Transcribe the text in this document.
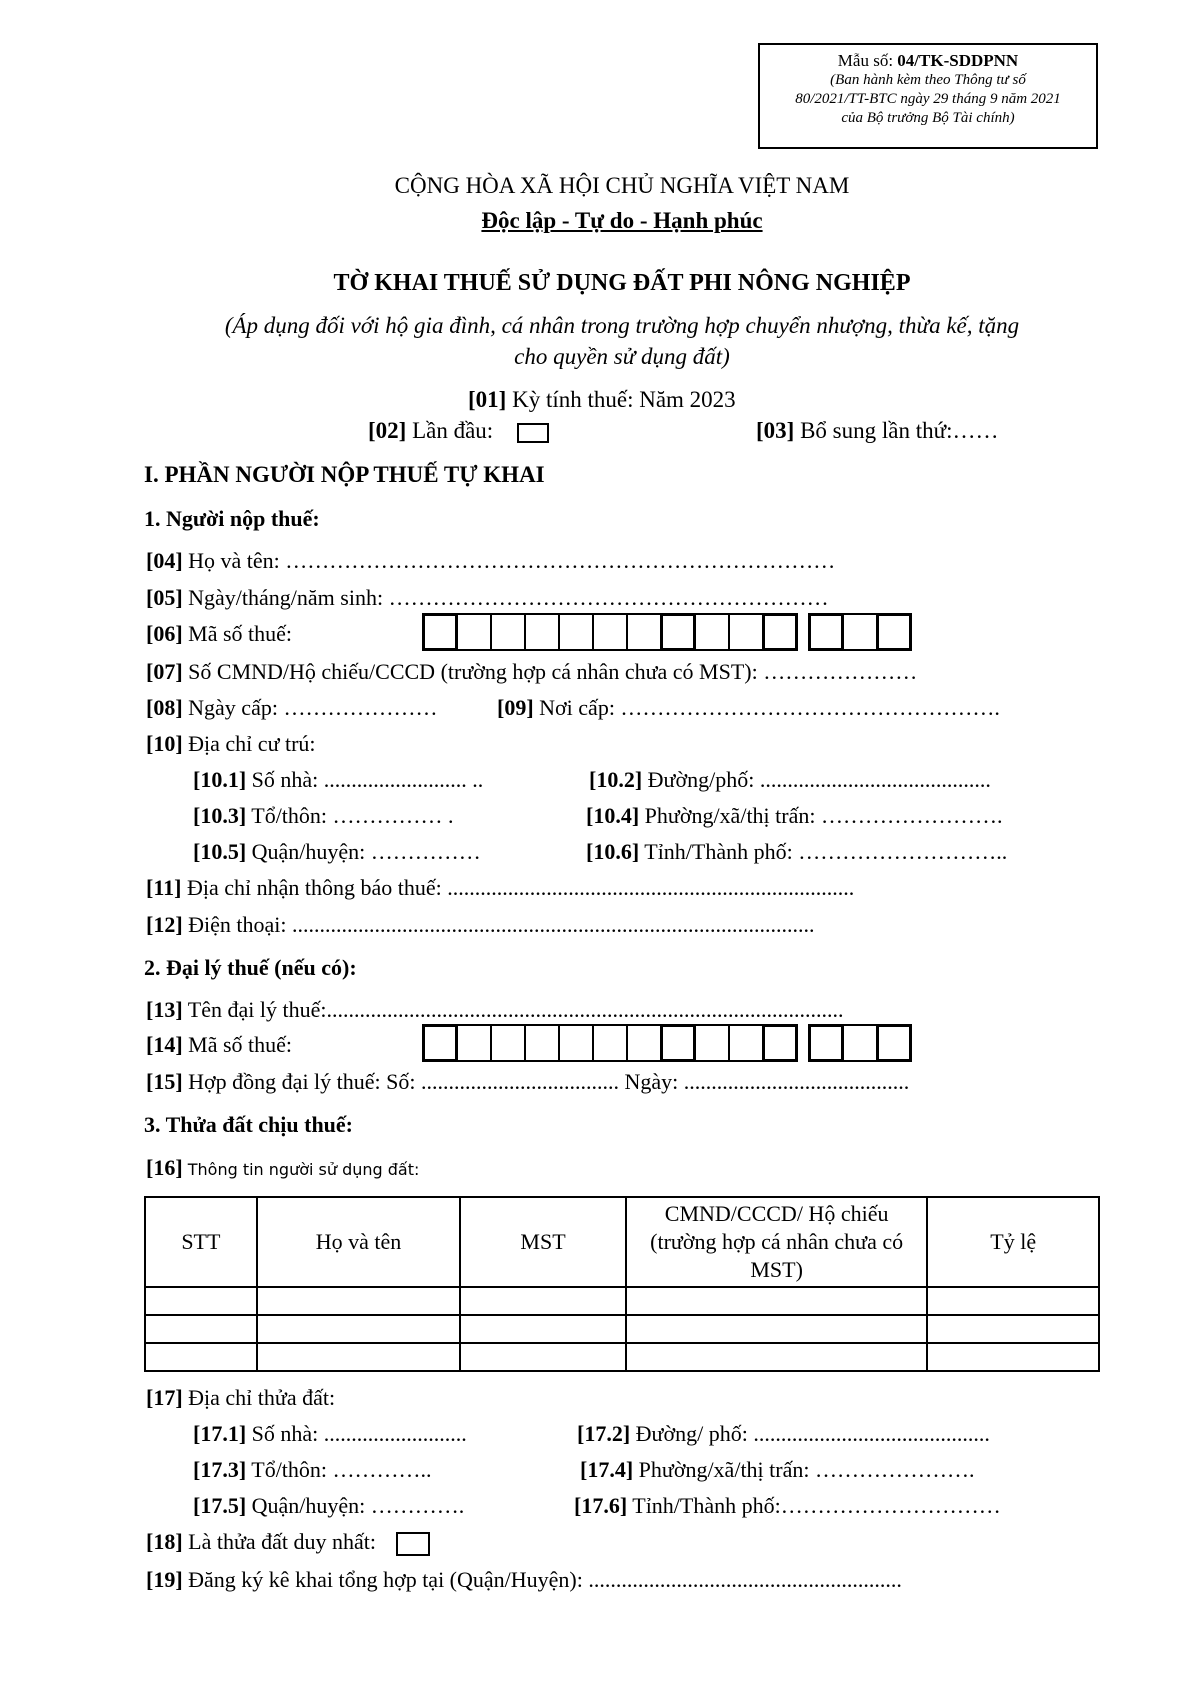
Mẫu số: 04/TK-SDDPNN
(Ban hành kèm theo Thông tư số
80/2021/TT-BTC ngày 29 tháng 9 năm 2021
của Bộ trưởng Bộ Tài chính)
CỘNG HÒA XÃ HỘI CHỦ NGHĨA VIỆT NAM
Độc lập - Tự do - Hạnh phúc
TỜ KHAI THUẾ SỬ DỤNG ĐẤT PHI NÔNG NGHIỆP
(Áp dụng đối với hộ gia đình, cá nhân trong trường hợp chuyển nhượng, thừa kế, tặng
cho quyền sử dụng đất)
[01] Kỳ tính thuế: Năm 2023
[02] Lần đầu:	[03] Bổ sung lần thứ:……
I. PHẦN NGƯỜI NỘP THUẾ TỰ KHAI
1. Người nộp thuế:
[04] Họ và tên: …………………………………………………………………
[05] Ngày/tháng/năm sinh: ……………………………………………………
[06] Mã số thuế:
[07] Số CMND/Hộ chiếu/CCCD (trường hợp cá nhân chưa có MST): …………………
[08] Ngày cấp: …………………	[09] Nơi cấp: …………………………………………….
[10] Địa chỉ cư trú:
[10.1] Số nhà: .......................... ..	[10.2] Đường/phố: ..........................................
[10.3] Tổ/thôn: …………… .	[10.4] Phường/xã/thị trấn: …………………….
[10.5] Quận/huyện: ……………	[10.6] Tỉnh/Thành phố: ………………………..
[11] Địa chỉ nhận thông báo thuế: ..........................................................................
[12] Điện thoại: ...............................................................................................
2. Đại lý thuế (nếu có):
[13] Tên đại lý thuế:..............................................................................................
[14] Mã số thuế:
[15] Hợp đồng đại lý thuế: Số: .................................... Ngày: .........................................
3. Thửa đất chịu thuế:
[16] Thông tin người sử dụng đất:
STT	Họ và tên	MST	CMND/CCCD/ Hộ chiếu (trường hợp cá nhân chưa có MST)	Tỷ lệ

[17] Địa chỉ thửa đất:
[17.1] Số nhà: ..........................	[17.2] Đường/ phố: ...........................................
[17.3] Tổ/thôn: …………..	[17.4] Phường/xã/thị trấn: ………………….
[17.5] Quận/huyện: ………….	[17.6] Tỉnh/Thành phố:…………………………
[18] Là thửa đất duy nhất:
[19] Đăng ký kê khai tổng hợp tại (Quận/Huyện): .........................................................
